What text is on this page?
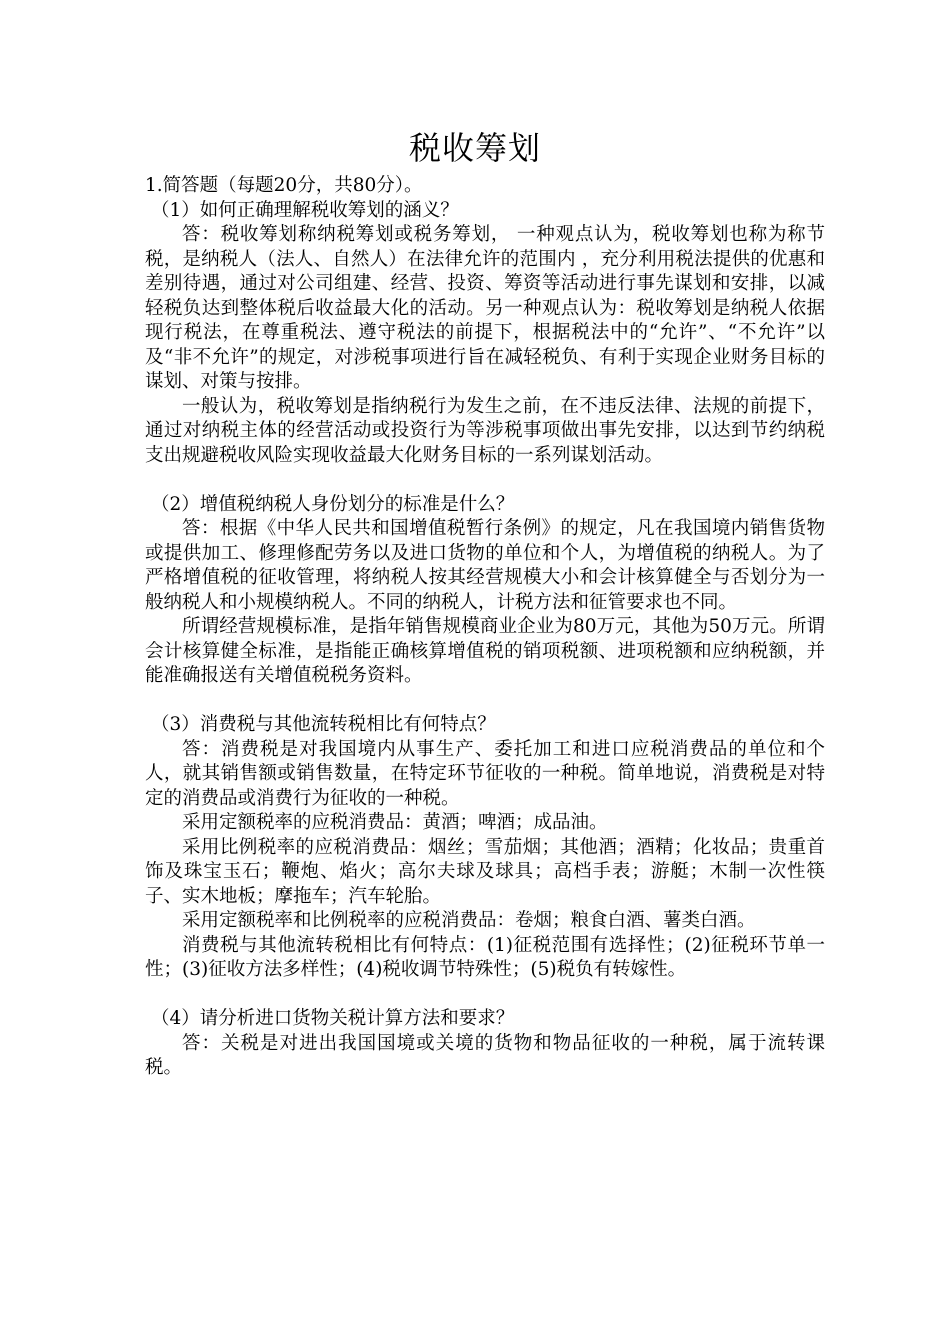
税收筹划

1.简答题（每题20分，共80分）。

（1）如何正确理解税收筹划的涵义？

答：税收筹划称纳税筹划或税务筹划， 一种观点认为，税收筹划也称为称节税，是纳税人（法人、自然人）在法律允许的范围内 ，充分利用税法提供的优惠和差别待遇，通过对公司组建、经营、投资、筹资等活动进行事先谋划和安排，以减轻税负达到整体税后收益最大化的活动。另一种观点认为：税收筹划是纳税人依据现行税法，在尊重税法、遵守税法的前提下，根据税法中的“允许”、“不允许”以及“非不允许”的规定，对涉税事项进行旨在减轻税负、有利于实现企业财务目标的谋划、对策与按排。

一般认为，税收筹划是指纳税行为发生之前，在不违反法律、法规的前提下，通过对纳税主体的经营活动或投资行为等涉税事项做出事先安排，以达到节约纳税支出规避税收风险实现收益最大化财务目标的一系列谋划活动。

（2）增值税纳税人身份划分的标准是什么？

答：根据《中华人民共和国增值税暂行条例》的规定，凡在我国境内销售货物或提供加工、修理修配劳务以及进口货物的单位和个人，为增值税的纳税人。为了严格增值税的征收管理，将纳税人按其经营规模大小和会计核算健全与否划分为一般纳税人和小规模纳税人。不同的纳税人，计税方法和征管要求也不同。

所谓经营规模标准，是指年销售规模商业企业为80万元，其他为50万元。所谓会计核算健全标准，是指能正确核算增值税的销项税额、进项税额和应纳税额，并能准确报送有关增值税税务资料。

（3）消费税与其他流转税相比有何特点？

答：消费税是对我国境内从事生产、委托加工和进口应税消费品的单位和个人，就其销售额或销售数量，在特定环节征收的一种税。简单地说，消费税是对特定的消费品或消费行为征收的一种税。

采用定额税率的应税消费品：黄酒；啤酒；成品油。

采用比例税率的应税消费品：烟丝；雪茄烟；其他酒；酒精；化妆品；贵重首饰及珠宝玉石；鞭炮、焰火；高尔夫球及球具；高档手表；游艇；木制一次性筷子、实木地板；摩拖车；汽车轮胎。

采用定额税率和比例税率的应税消费品：卷烟；粮食白酒、薯类白酒。

消费税与其他流转税相比有何特点：(1)征税范围有选择性；(2)征税环节单一性；(3)征收方法多样性；(4)税收调节特殊性；(5)税负有转嫁性。

（4）请分析进口货物关税计算方法和要求？

答：关税是对进出我国国境或关境的货物和物品征收的一种税，属于流转课税。
